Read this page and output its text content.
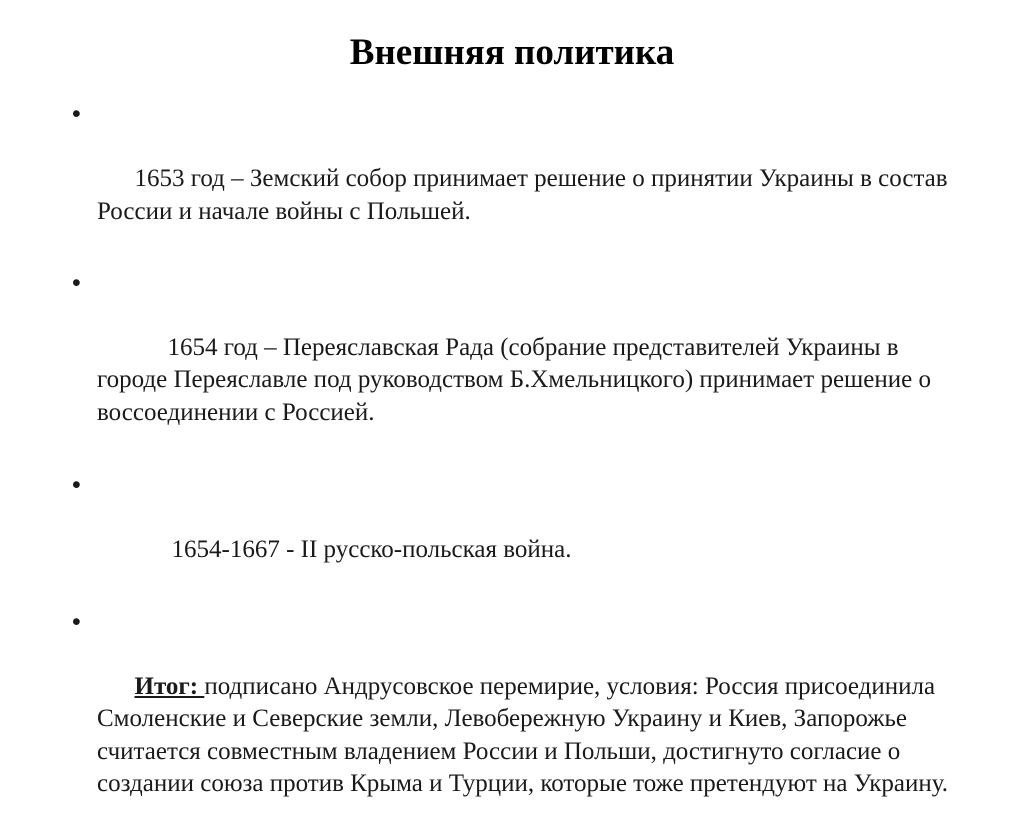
Внешняя политика

•

1653 год – Земский собор принимает решение о принятии Украины в состав России и начале войны с Польшей.

•

1654 год – Переяславская Рада (собрание представителей Украины в городе Переяславле под руководством Б.Хмельницкого) принимает решение о воссоединении с Россией.

•

1654-1667 - II русско-польская война.

•

Итог: подписано Андрусовское перемирие, условия: Россия присоединила Смоленские и Северские земли, Левобережную Украину и Киев, Запорожье считается совместным владением России и Польши, достигнуто согласие о создании союза против Крыма и Турции, которые тоже претендуют на Украину.
